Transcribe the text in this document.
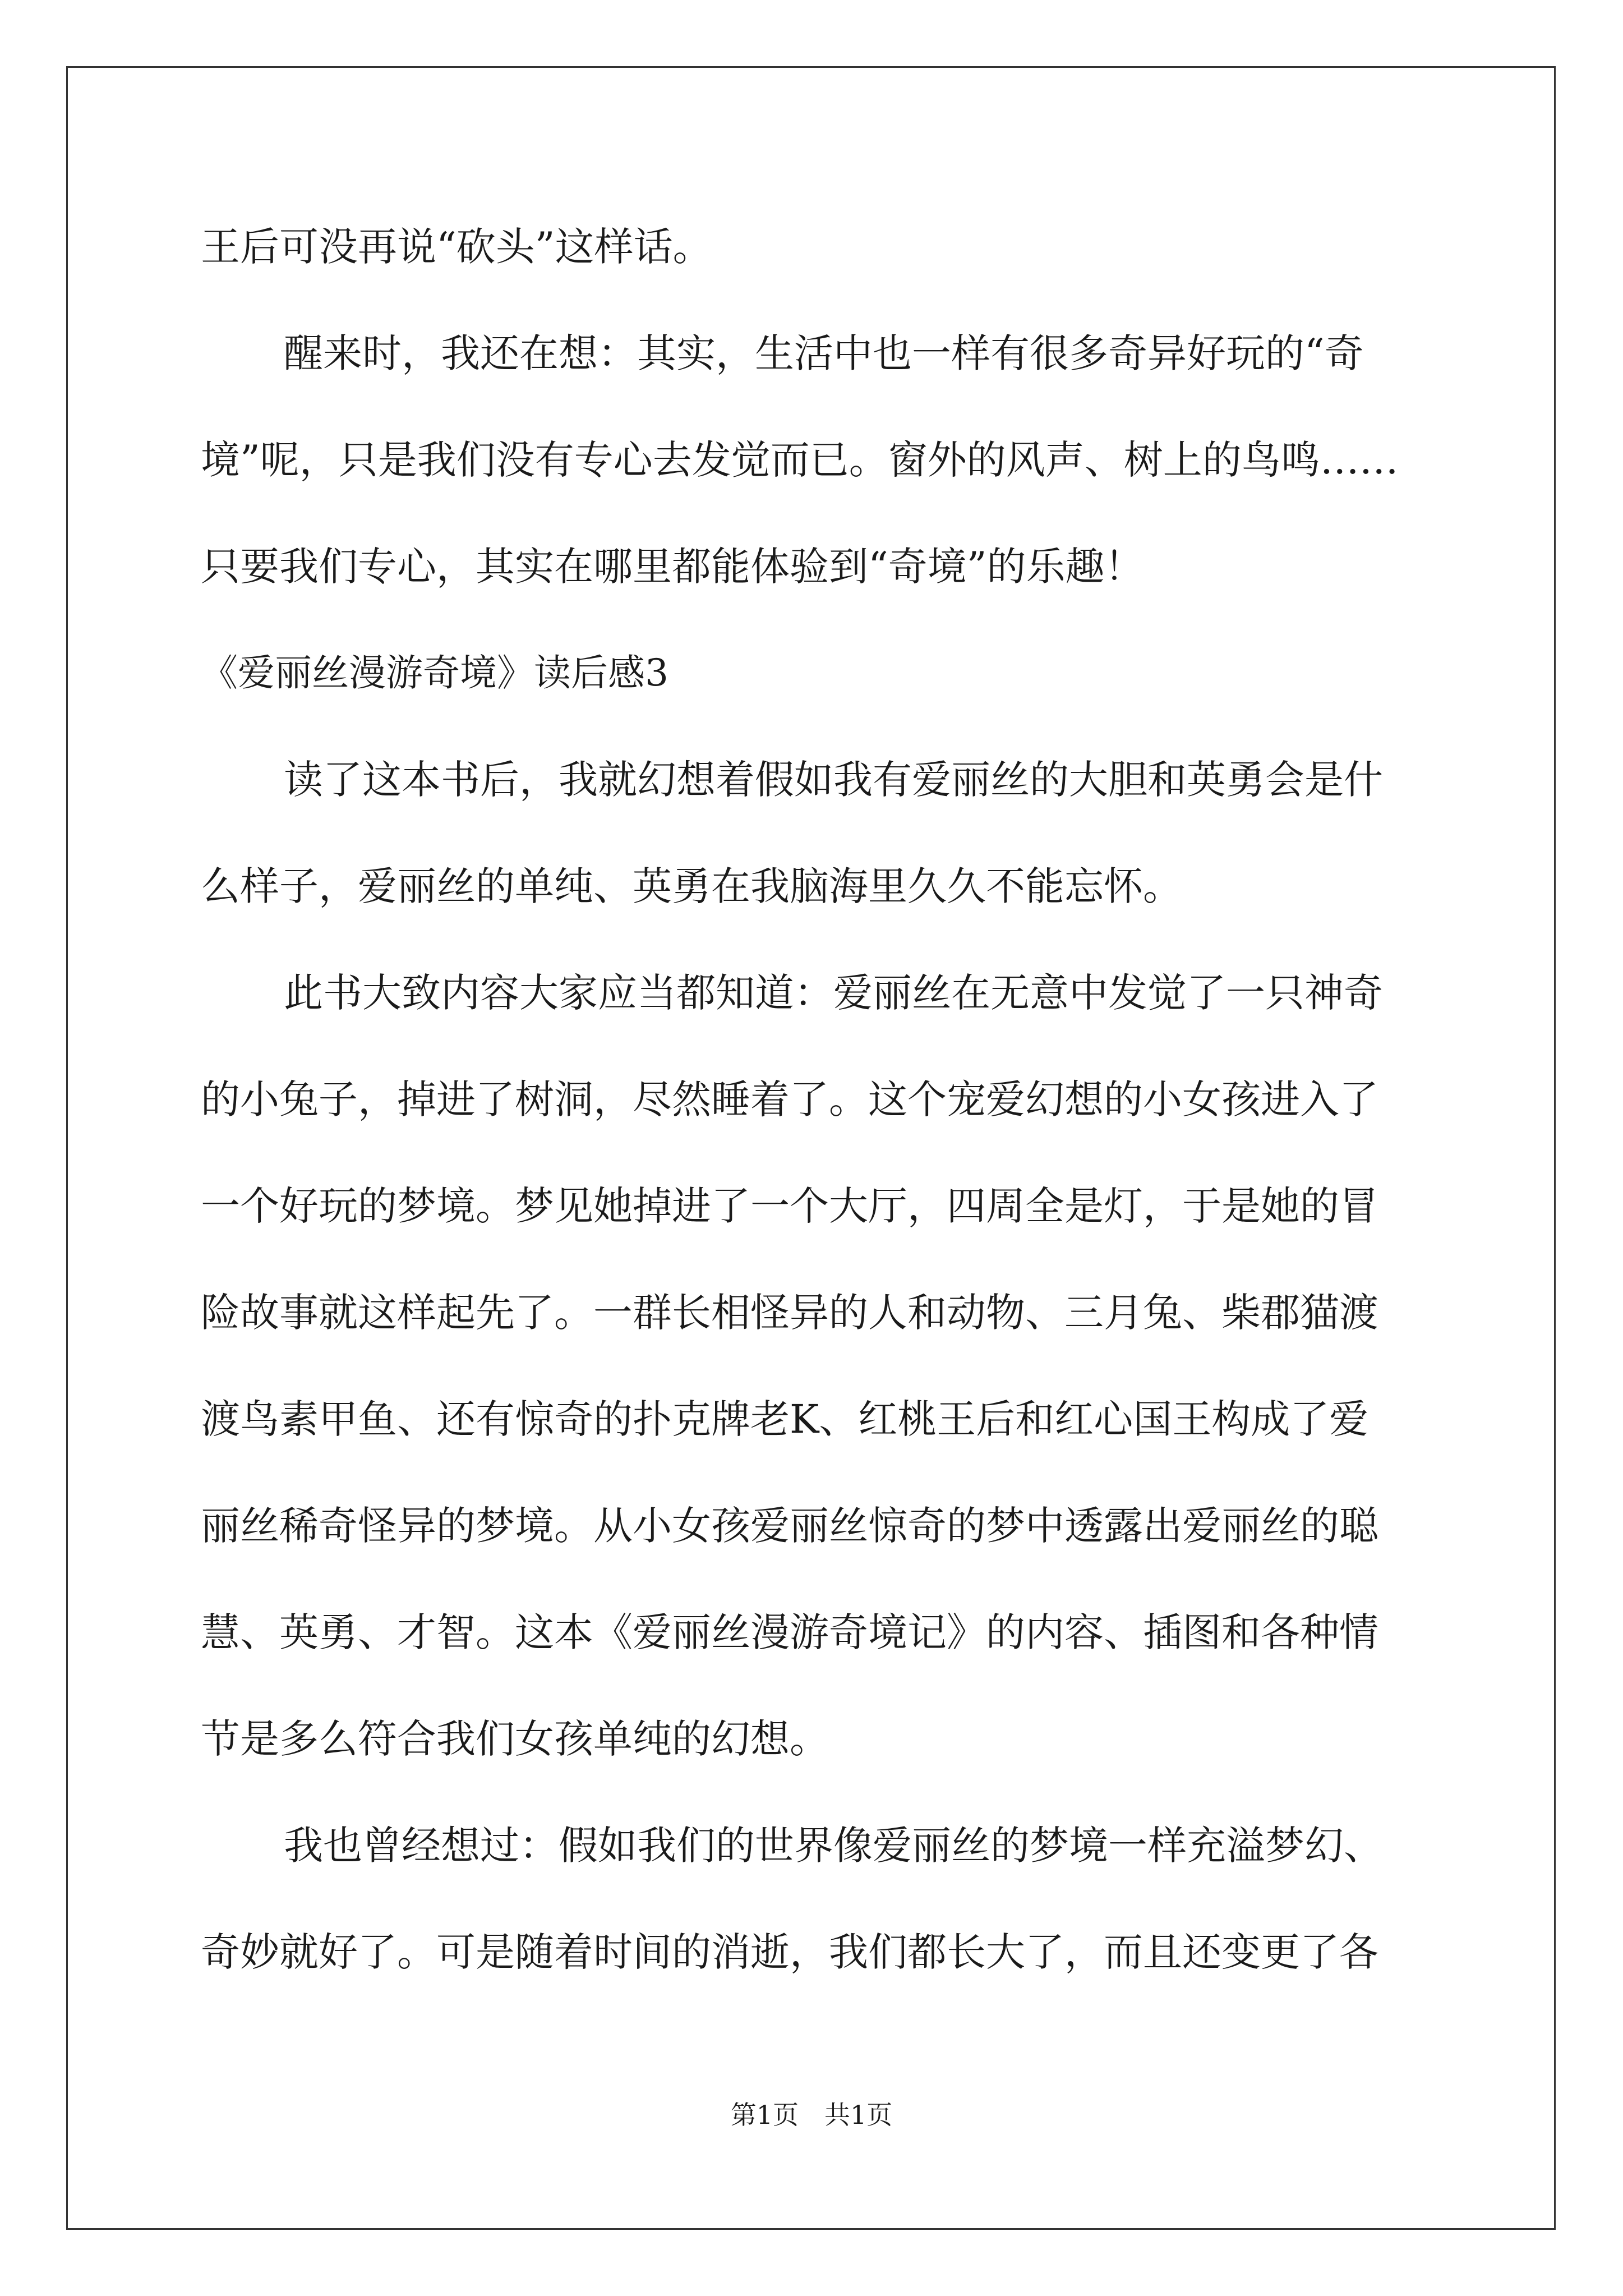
王后可没再说“砍头”这样话。
醒来时，我还在想：其实，生活中也一样有很多奇异好玩的“奇
境”呢，只是我们没有专心去发觉而已。窗外的风声、树上的鸟鸣……
只要我们专心，其实在哪里都能体验到“奇境”的乐趣！
《爱丽丝漫游奇境》读后感3
读了这本书后，我就幻想着假如我有爱丽丝的大胆和英勇会是什
么样子，爱丽丝的单纯、英勇在我脑海里久久不能忘怀。
此书大致内容大家应当都知道：爱丽丝在无意中发觉了一只神奇
的小兔子，掉进了树洞，尽然睡着了。这个宠爱幻想的小女孩进入了
一个好玩的梦境。梦见她掉进了一个大厅，四周全是灯，于是她的冒
险故事就这样起先了。一群长相怪异的人和动物、三月兔、柴郡猫渡
渡鸟素甲鱼、还有惊奇的扑克牌老K、红桃王后和红心国王构成了爱
丽丝稀奇怪异的梦境。从小女孩爱丽丝惊奇的梦中透露出爱丽丝的聪
慧、英勇、才智。这本《爱丽丝漫游奇境记》的内容、插图和各种情
节是多么符合我们女孩单纯的幻想。
我也曾经想过：假如我们的世界像爱丽丝的梦境一样充溢梦幻、
奇妙就好了。可是随着时间的消逝，我们都长大了，而且还变更了各
第1页　共1页
